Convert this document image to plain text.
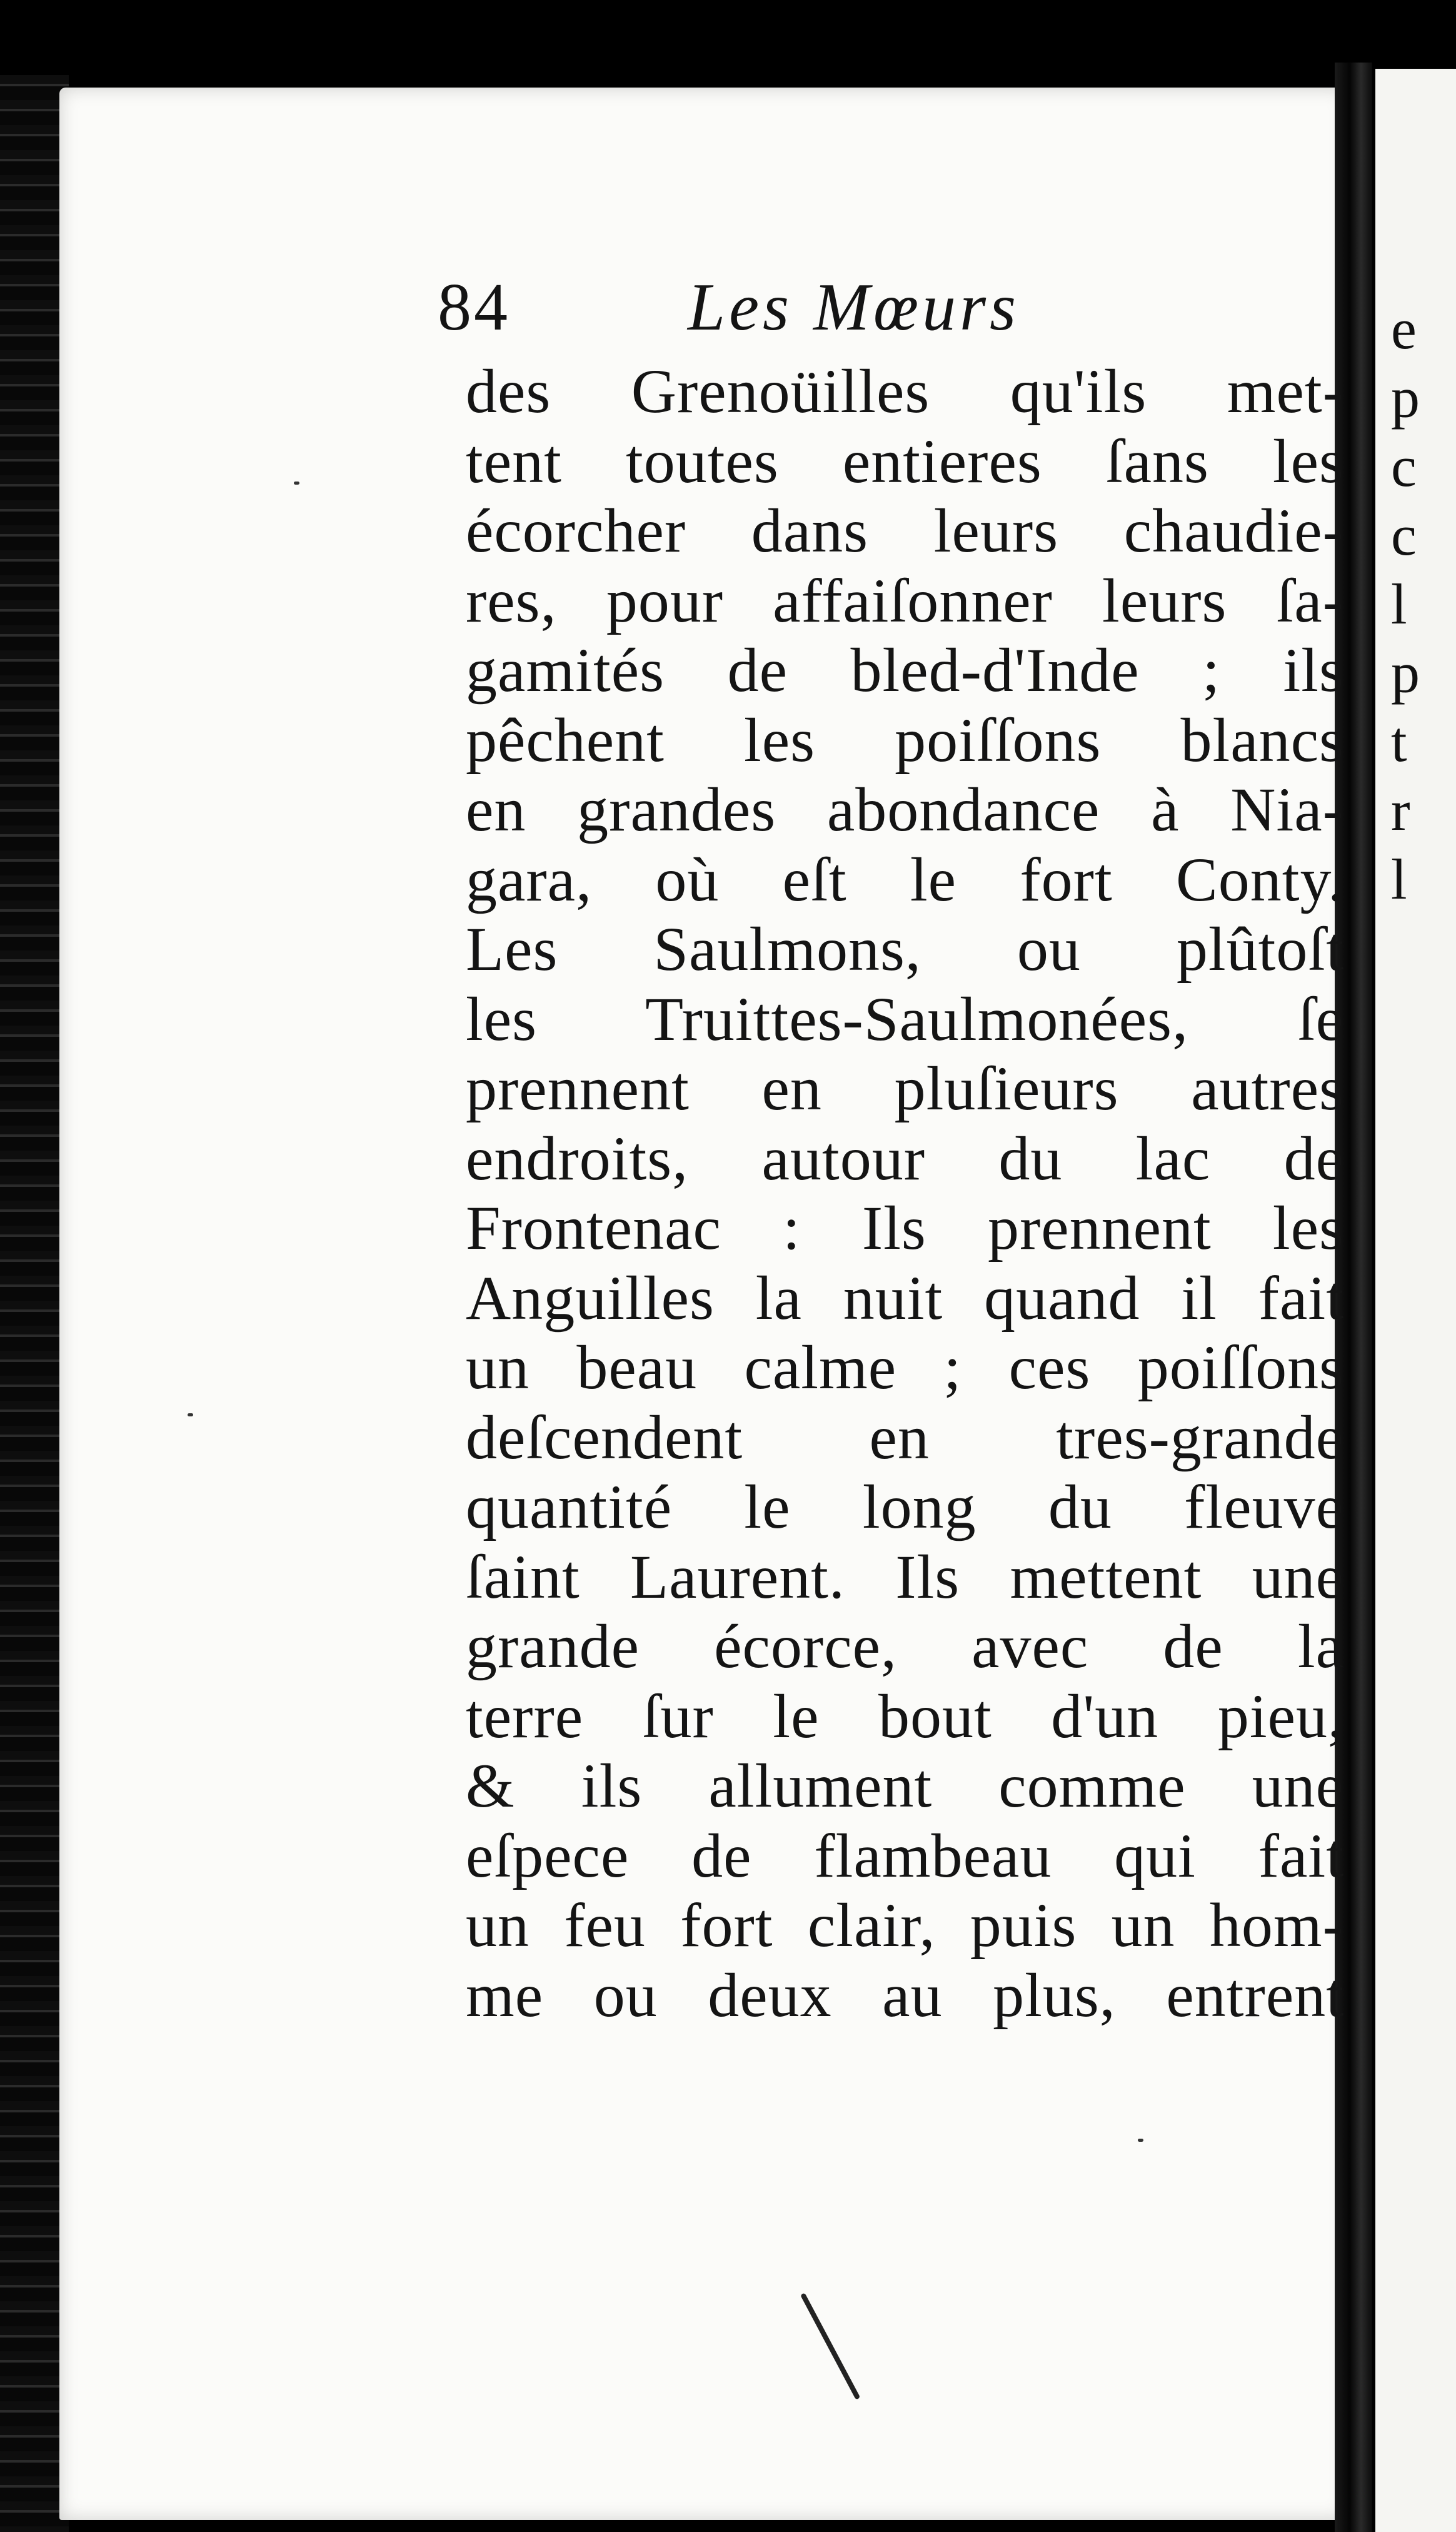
e
p
c
c
l
p
t
r
l
84	Les Mœurs
des Grenoüilles qu'ils met-
tent toutes entieres ſans les
écorcher dans leurs chaudie-
res, pour affaiſonner leurs ſa-
gamités de bled-d'Inde ; ils
pêchent les poiſſons blancs
en grandes abondance à Nia-
gara, où eſt le fort Conty.
Les Saulmons, ou plûtoſt
les Truittes-Saulmonées, ſe
prennent en pluſieurs autres
endroits, autour du lac de
Frontenac : Ils prennent les
Anguilles la nuit quand il fait
un beau calme ; ces poiſſons
deſcendent en tres-grande
quantité le long du fleuve
ſaint Laurent. Ils mettent une
grande écorce, avec de la
terre ſur le bout d'un pieu,
& ils allument comme une
eſpece de flambeau qui fait
un feu fort clair, puis un hom-
me ou deux au plus, entrent
